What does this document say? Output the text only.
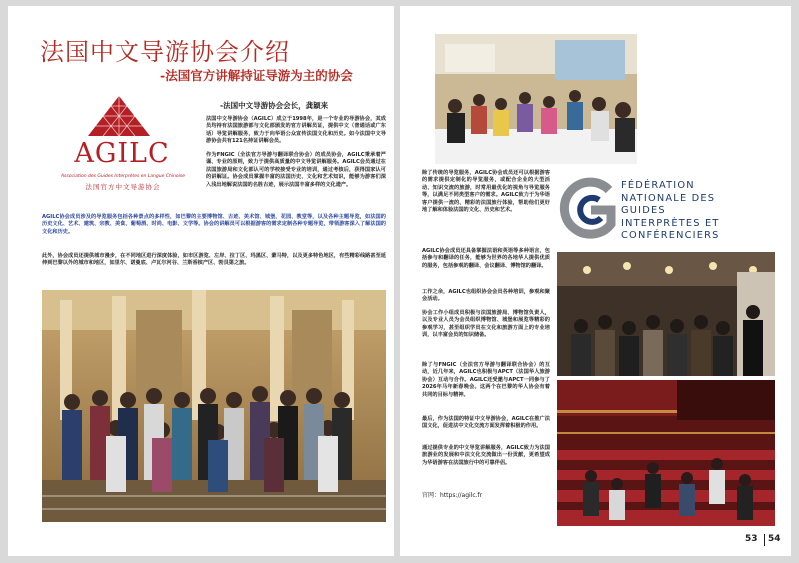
法国中文导游协会介绍
-法国官方讲解持证导游为主的协会
AGILC
Association des Guides Interprètes en Langue Chinoise
法国官方中文导游协会

-法国中文导游协会会长，龚颖来

法国中文导游协会（AGILC）成立于1998年，是一个专业的导游协会，其成员均持有法国旅游部与文化部颁发的官方讲解员证，提供中文（普通话或广东话）导览讲解服务，致力于向华语公众宣传法国文化和历史。如今法国中文导游协会共有121名持证讲解会员。

作为FNGIC（全法官方导游与翻译联合协会）的成员协会，AGILC秉承着严谨、专业的原则，致力于提供高质量的中文导览讲解服务。AGILC会员通过在法国旅游局和文化部认可的学校接受专业的培训，通过考核后，获得国家认可的讲解证。协会成员掌握丰富的法国历史、文化和艺术知识，能够为游客们深入浅出地解说法国的名胜古迹，展示法国丰富多样的文化遗产。

AGILC协会成员涉及的导览服务包括各种景点的多样性，如巴黎的主要博物馆、古迹、美术馆、城堡、花园、教堂等，以及各种主题导览，如法国的历史文化、艺术、建筑、宗教、美食、葡萄酒、时尚、电影、文学等。协会的讲解员可以根据游客的需求定制各种专题导览，带领游客深入了解法国的文化和历史。

此外，协会成员还提供城市漫步，在不同地区进行深度体验，如市区游览、左岸、拉丁区、玛黑区、蒙马特，以及更多特色地区，有些精彩线路甚至延伸到巴黎以外的城市和地区，如里尔、诺曼底、卢瓦尔河谷、兰斯香槟产区、勃艮第之旅。

除了传统的导览服务，AGILC协会成员还可以根据游客的需求提供定制化的导览服务，或配合企业的大型活动、知识交流的旅游，时常用最优化的视角与导览服务等，以满足不同类型客户的需求。AGILC致力于为华语客户提供一流的、精彩的法国旅行体验，帮助他们更好地了解和体验法国的文化、历史和艺术。

AGILC协会成员还具备掌握法语和英语等多种语言，包括参与和翻译的任务，能够为世界的各地华人提供优质的服务，包括参观的翻译、会议翻译、博物馆的翻译。

工作之余，AGILC也组织协会会员各种培训，参观和聚会活动。

协会工作小组成员积极与法国旅游局、博物馆负责人，以及专业人员为会员组织博物馆、城堡和展览等精彩的参观学习，甚至组织学员在文化和旅游方面上的专业培训，以丰富会员的知识储备。

除了与FNGIC（全法官方导游与翻译联合协会）的互动，近几年来，AGILC也积极与APCT（法国华人旅游协会）互动与合作。AGILC还受邀与APCT一同参与了2026年马年新春晚会。这两个在巴黎的华人协会有着共同的目标与精神。

最后，作为法国的特证中文导游协会，AGILC在推广法国文化，促进法中文化交流方面发挥着积极的作用。

通过提供专业的中文导览讲解服务，AGILC致力为法国旅游业的发展和中法文化交流做出一份贡献，更希望成为华语游客在法国旅行中的可靠伴侣。

官网：https://agilc.fr

FÉDÉRATION
NATIONALE DES
GUIDES
INTERPRÈTES ET
CONFÉRENCIERS

53 54
